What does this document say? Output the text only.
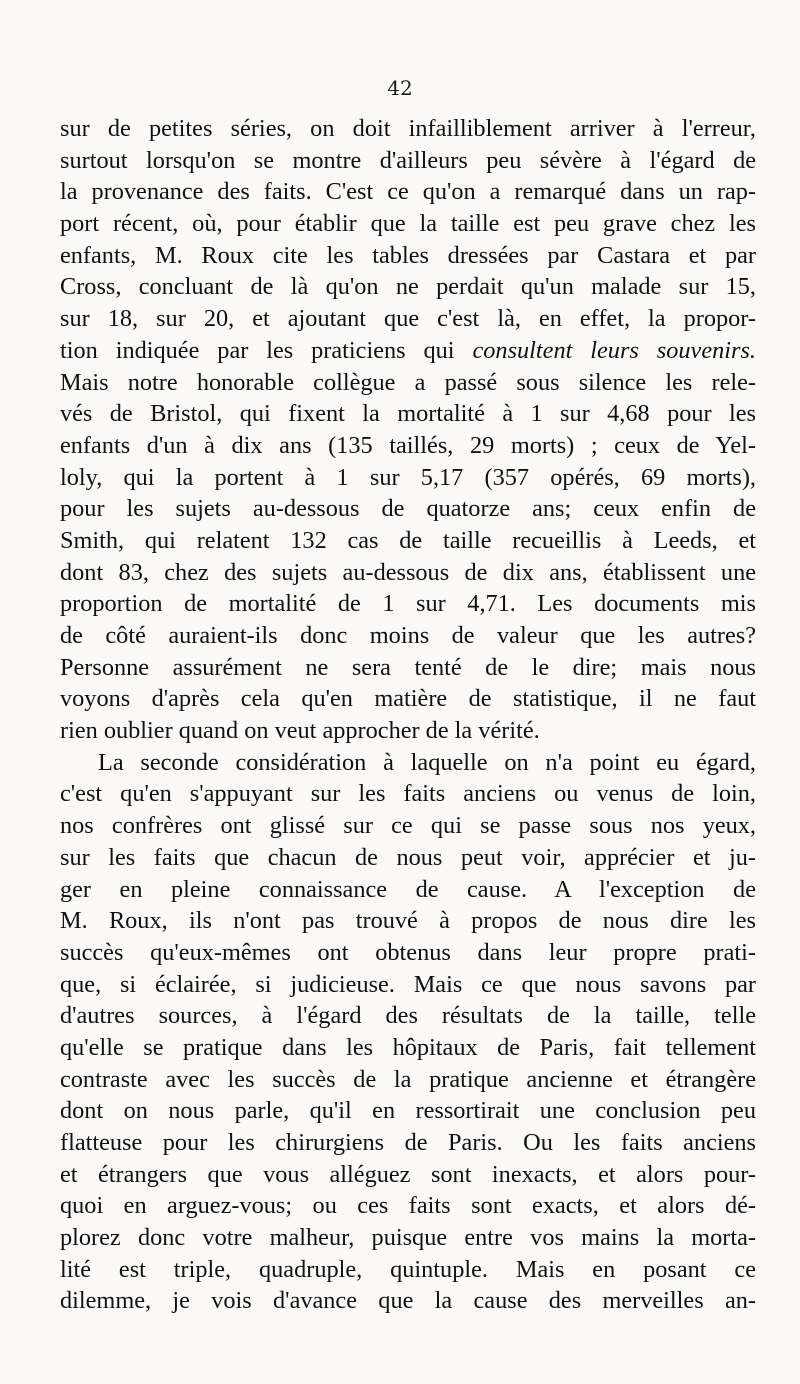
42
sur de petites séries, on doit infailliblement arriver à l'erreur,
surtout lorsqu'on se montre d'ailleurs peu sévère à l'égard de
la provenance des faits. C'est ce qu'on a remarqué dans un rap-
port récent, où, pour établir que la taille est peu grave chez les
enfants, M. Roux cite les tables dressées par Castara et par
Cross, concluant de là qu'on ne perdait qu'un malade sur 15,
sur 18, sur 20, et ajoutant que c'est là, en effet, la propor-
tion indiquée par les praticiens qui consultent leurs souvenirs.
Mais notre honorable collègue a passé sous silence les rele-
vés de Bristol, qui fixent la mortalité à 1 sur 4,68 pour les
enfants d'un à dix ans (135 taillés, 29 morts) ; ceux de Yel-
loly, qui la portent à 1 sur 5,17 (357 opérés, 69 morts),
pour les sujets au-dessous de quatorze ans; ceux enfin de
Smith, qui relatent 132 cas de taille recueillis à Leeds, et
dont 83, chez des sujets au-dessous de dix ans, établissent une
proportion de mortalité de 1 sur 4,71. Les documents mis
de côté auraient-ils donc moins de valeur que les autres?
Personne assurément ne sera tenté de le dire; mais nous
voyons d'après cela qu'en matière de statistique, il ne faut
rien oublier quand on veut approcher de la vérité.
La seconde considération à laquelle on n'a point eu égard,
c'est qu'en s'appuyant sur les faits anciens ou venus de loin,
nos confrères ont glissé sur ce qui se passe sous nos yeux,
sur les faits que chacun de nous peut voir, apprécier et ju-
ger en pleine connaissance de cause. A l'exception de
M. Roux, ils n'ont pas trouvé à propos de nous dire les
succès qu'eux-mêmes ont obtenus dans leur propre prati-
que, si éclairée, si judicieuse. Mais ce que nous savons par
d'autres sources, à l'égard des résultats de la taille, telle
qu'elle se pratique dans les hôpitaux de Paris, fait tellement
contraste avec les succès de la pratique ancienne et étrangère
dont on nous parle, qu'il en ressortirait une conclusion peu
flatteuse pour les chirurgiens de Paris. Ou les faits anciens
et étrangers que vous alléguez sont inexacts, et alors pour-
quoi en arguez-vous; ou ces faits sont exacts, et alors dé-
plorez donc votre malheur, puisque entre vos mains la morta-
lité est triple, quadruple, quintuple. Mais en posant ce
dilemme, je vois d'avance que la cause des merveilles an-
